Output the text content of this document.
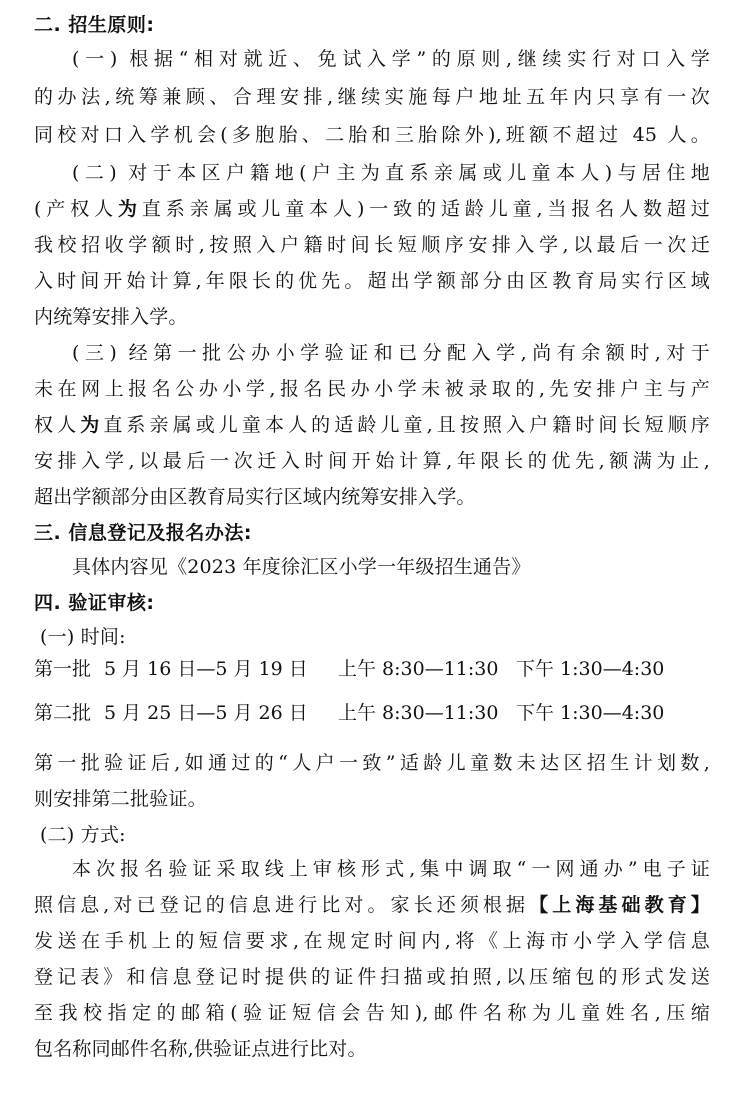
二. 招生原则:
(一) 根据“相对就近、免试入学”的原则,继续实行对口入学
的办法,统筹兼顾、合理安排,继续实施每户地址五年内只享有一次
同校对口入学机会(多胞胎、二胎和三胎除外),班额不超过 45 人。
(二) 对于本区户籍地(户主为直系亲属或儿童本人)与居住地
(产权人为直系亲属或儿童本人)一致的适龄儿童,当报名人数超过
我校招收学额时,按照入户籍时间长短顺序安排入学,以最后一次迁
入时间开始计算,年限长的优先。超出学额部分由区教育局实行区域
内统筹安排入学。
(三) 经第一批公办小学验证和已分配入学,尚有余额时,对于
未在网上报名公办小学,报名民办小学未被录取的,先安排户主与产
权人为直系亲属或儿童本人的适龄儿童,且按照入户籍时间长短顺序
安排入学,以最后一次迁入时间开始计算,年限长的优先,额满为止,
超出学额部分由区教育局实行区域内统筹安排入学。
三. 信息登记及报名办法:
具体内容见《2023 年度徐汇区小学一年级招生通告》
四. 验证审核:
(一) 时间:
第一批 5 月 16 日—5 月 19 日 上午 8:30—11:30 下午 1:30—4:30
第二批 5 月 25 日—5 月 26 日 上午 8:30—11:30 下午 1:30—4:30
第一批验证后,如通过的“人户一致”适龄儿童数未达区招生计划数,
则安排第二批验证。
(二) 方式:
本次报名验证采取线上审核形式,集中调取“一网通办”电子证
照信息,对已登记的信息进行比对。家长还须根据【上海基础教育】
发送在手机上的短信要求,在规定时间内,将《上海市小学入学信息
登记表》和信息登记时提供的证件扫描或拍照,以压缩包的形式发送
至我校指定的邮箱(验证短信会告知),邮件名称为儿童姓名,压缩
包名称同邮件名称,供验证点进行比对。
